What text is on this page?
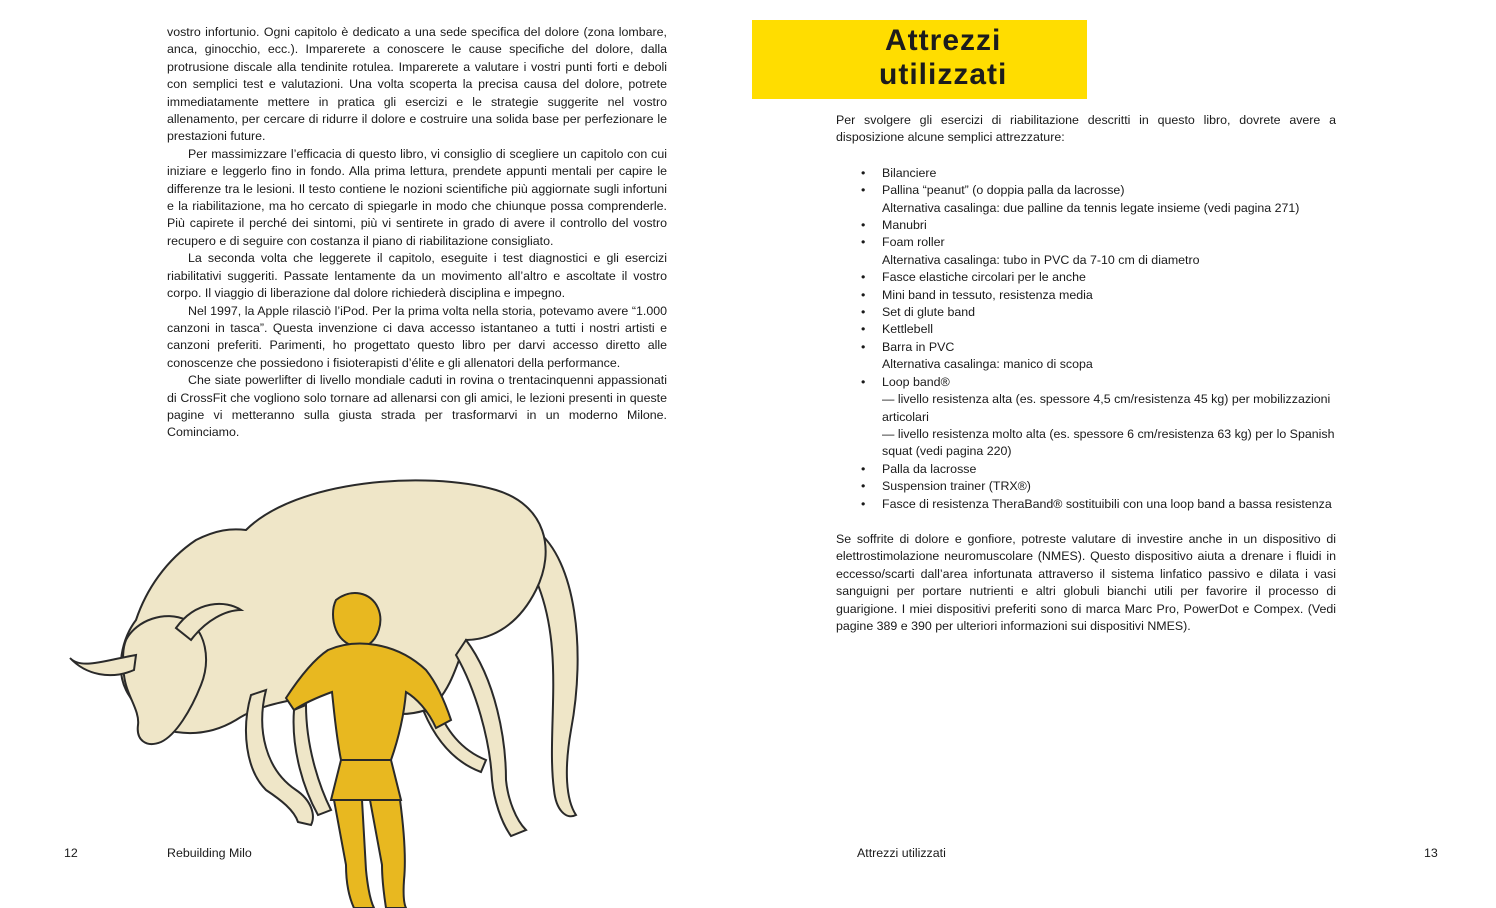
vostro infortunio. Ogni capitolo è dedicato a una sede specifica del dolore (zona lombare, anca, ginocchio, ecc.). Imparerete a conoscere le cause specifiche del dolore, dalla protrusione discale alla tendinite rotulea. Imparerete a valutare i vostri punti forti e deboli con semplici test e valutazioni. Una volta scoperta la precisa causa del dolore, potrete immediatamente mettere in pratica gli esercizi e le strategie suggerite nel vostro allenamento, per cercare di ridurre il dolore e costruire una solida base per perfezionare le prestazioni future.

Per massimizzare l’efficacia di questo libro, vi consiglio di scegliere un capitolo con cui iniziare e leggerlo fino in fondo. Alla prima lettura, prendete appunti mentali per capire le differenze tra le lesioni. Il testo contiene le nozioni scientifiche più aggiornate sugli infortuni e la riabilitazione, ma ho cercato di spiegarle in modo che chiunque possa comprenderle. Più capirete il perché dei sintomi, più vi sentirete in grado di avere il controllo del vostro recupero e di seguire con costanza il piano di riabilitazione consigliato.

La seconda volta che leggerete il capitolo, eseguite i test diagnostici e gli esercizi riabilitativi suggeriti. Passate lentamente da un movimento all’altro e ascoltate il vostro corpo. Il viaggio di liberazione dal dolore richiederà disciplina e impegno.

Nel 1997, la Apple rilasciò l’iPod. Per la prima volta nella storia, potevamo avere “1.000 canzoni in tasca”. Questa invenzione ci dava accesso istantaneo a tutti i nostri artisti e canzoni preferiti. Parimenti, ho progettato questo libro per darvi accesso diretto alle conoscenze che possiedono i fisioterapisti d’élite e gli allenatori della performance.

Che siate powerlifter di livello mondiale caduti in rovina o trentacinquenni appassionati di CrossFit che vogliono solo tornare ad allenarsi con gli amici, le lezioni presenti in queste pagine vi metteranno sulla giusta strada per trasformarvi in un moderno Milone. Cominciamo.

12	Rebuilding Milo
Attrezzi
utilizzati

Per svolgere gli esercizi di riabilitazione descritti in questo libro, dovrete avere a disposizione alcune semplici attrezzature:

• Bilanciere
• Pallina “peanut” (o doppia palla da lacrosse)
Alternativa casalinga: due palline da tennis legate insieme (vedi pagina 271)
• Manubri
• Foam roller
Alternativa casalinga: tubo in PVC da 7-10 cm di diametro
• Fasce elastiche circolari per le anche
• Mini band in tessuto, resistenza media
• Set di glute band
• Kettlebell
• Barra in PVC
Alternativa casalinga: manico di scopa
• Loop band®
— livello resistenza alta (es. spessore 4,5 cm/resistenza 45 kg) per mobilizzazioni articolari
— livello resistenza molto alta (es. spessore 6 cm/resistenza 63 kg) per lo Spanish squat (vedi pagina 220)
• Palla da lacrosse
• Suspension trainer (TRX®)
• Fasce di resistenza TheraBand® sostituibili con una loop band a bassa resistenza

Se soffrite di dolore e gonfiore, potreste valutare di investire anche in un dispositivo di elettrostimolazione neuromuscolare (NMES). Questo dispositivo aiuta a drenare i fluidi in eccesso/scarti dall’area infortunata attraverso il sistema linfatico passivo e dilata i vasi sanguigni per portare nutrienti e altri globuli bianchi utili per favorire il processo di guarigione. I miei dispositivi preferiti sono di marca Marc Pro, PowerDot e Compex. (Vedi pagine 389 e 390 per ulteriori informazioni sui dispositivi NMES).

Attrezzi utilizzati	13
